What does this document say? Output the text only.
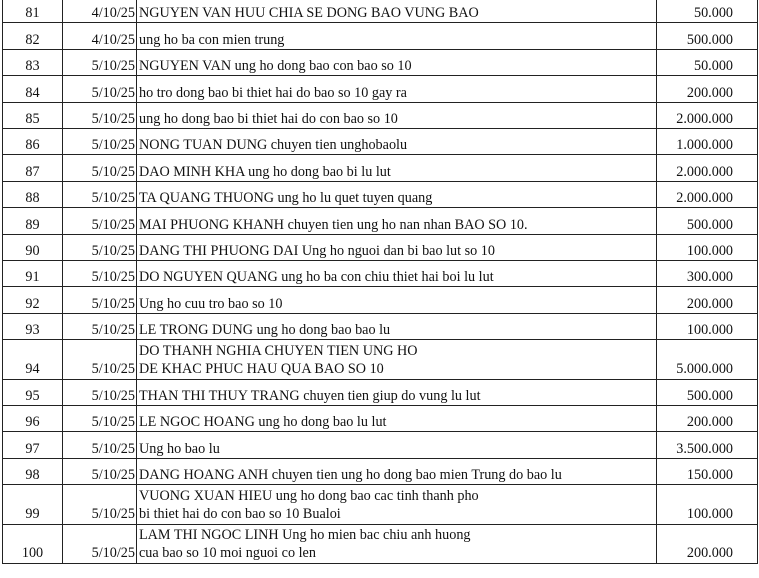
81	4/10/25	NGUYEN VAN HUU CHIA SE DONG BAO VUNG BAO	50.000
82	4/10/25	ung ho ba con mien trung	500.000
83	5/10/25	NGUYEN VAN ung ho dong bao con bao so 10	50.000
84	5/10/25	ho tro dong bao bi thiet hai do bao so 10 gay ra	200.000
85	5/10/25	ung ho dong bao bi thiet hai do con bao so 10	2.000.000
86	5/10/25	NONG TUAN DUNG chuyen tien unghobaolu	1.000.000
87	5/10/25	DAO MINH KHA ung ho dong bao bi lu lut	2.000.000
88	5/10/25	TA QUANG THUONG ung ho lu quet tuyen quang	2.000.000
89	5/10/25	MAI PHUONG KHANH chuyen tien ung ho nan nhan BAO SO 10.	500.000
90	5/10/25	DANG THI PHUONG DAI Ung ho nguoi dan bi bao lut so 10	100.000
91	5/10/25	DO NGUYEN QUANG ung ho ba con chiu thiet hai boi lu lut	300.000
92	5/10/25	Ung ho cuu tro bao so 10	200.000
93	5/10/25	LE TRONG DUNG ung ho dong bao bao lu	100.000
94	5/10/25	DO THANH NGHIA CHUYEN TIEN UNG HO
DE KHAC PHUC HAU QUA BAO SO 10	5.000.000
95	5/10/25	THAN THI THUY TRANG chuyen tien giup do vung lu lut	500.000
96	5/10/25	LE NGOC HOANG ung ho dong bao lu lut	200.000
97	5/10/25	Ung ho bao lu	3.500.000
98	5/10/25	DANG HOANG ANH chuyen tien ung ho dong bao mien Trung do bao lu	150.000
99	5/10/25	VUONG XUAN HIEU ung ho dong bao cac tinh thanh pho
bi thiet hai do con bao so 10 Bualoi	100.000
100	5/10/25	LAM THI NGOC LINH Ung ho mien bac chiu anh huong
cua bao so 10 moi nguoi co len	200.000
